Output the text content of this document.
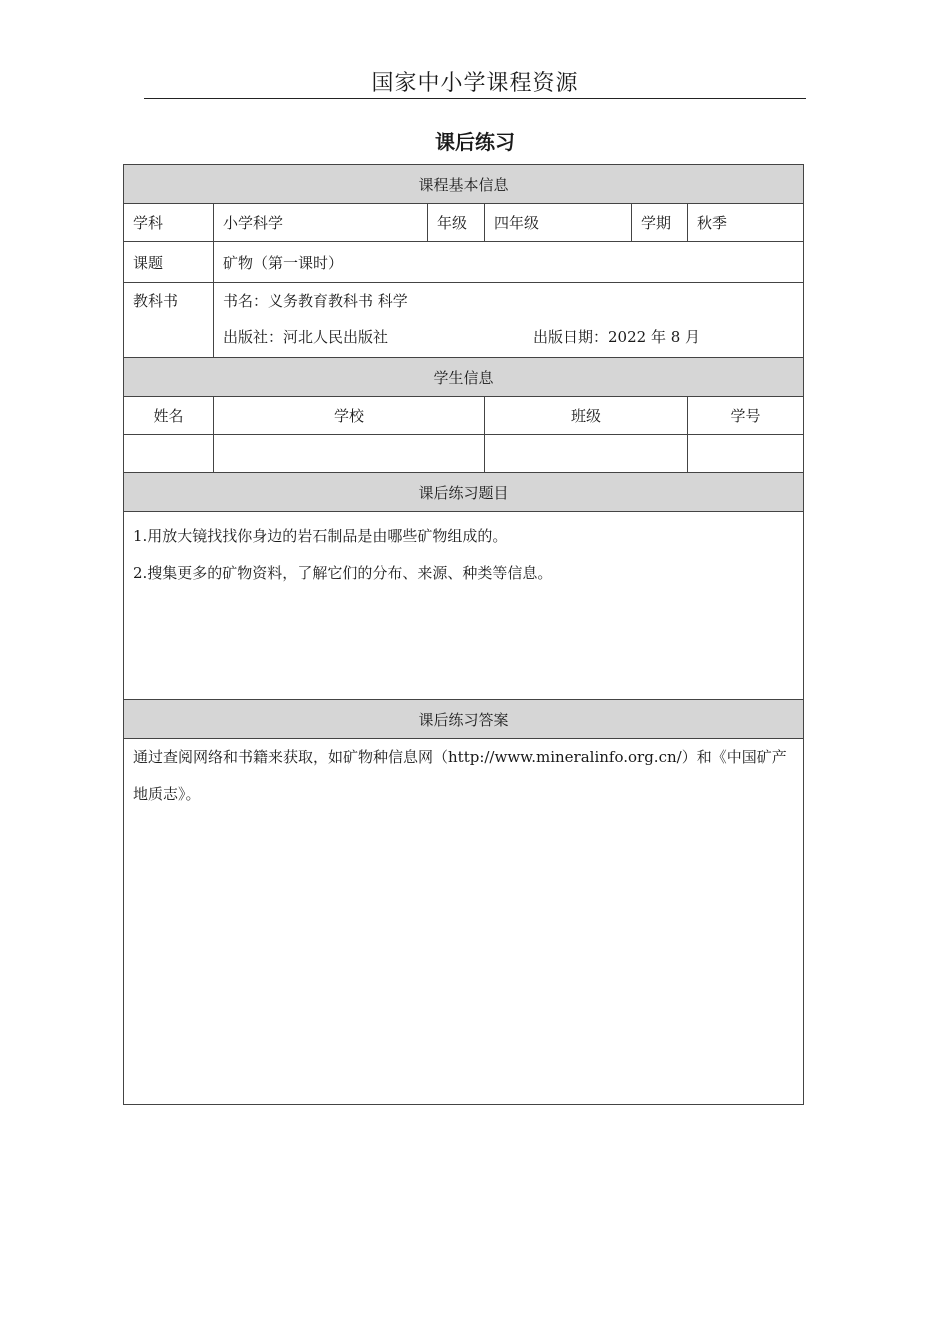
国家中小学课程资源
课后练习
课程基本信息					
学科	小学科学	年级	四年级	学期	秋季
课题	矿物（第一课时）				

教科书	书名：义务教育教科书 科学
出版社：河北人民出版社 出版日期：2022 年 8 月				

学生信息					
姓名	学校		班级		学号

课后练习题目					

1.用放大镜找找你身边的岩石制品是由哪些矿物组成的。
2.搜集更多的矿物资料，了解它们的分布、来源、种类等信息。					

课后练习答案					

通过查阅网络和书籍来获取，如矿物种信息网（http://www.mineralinfo.org.cn/）和《中国矿产地质志》。					
